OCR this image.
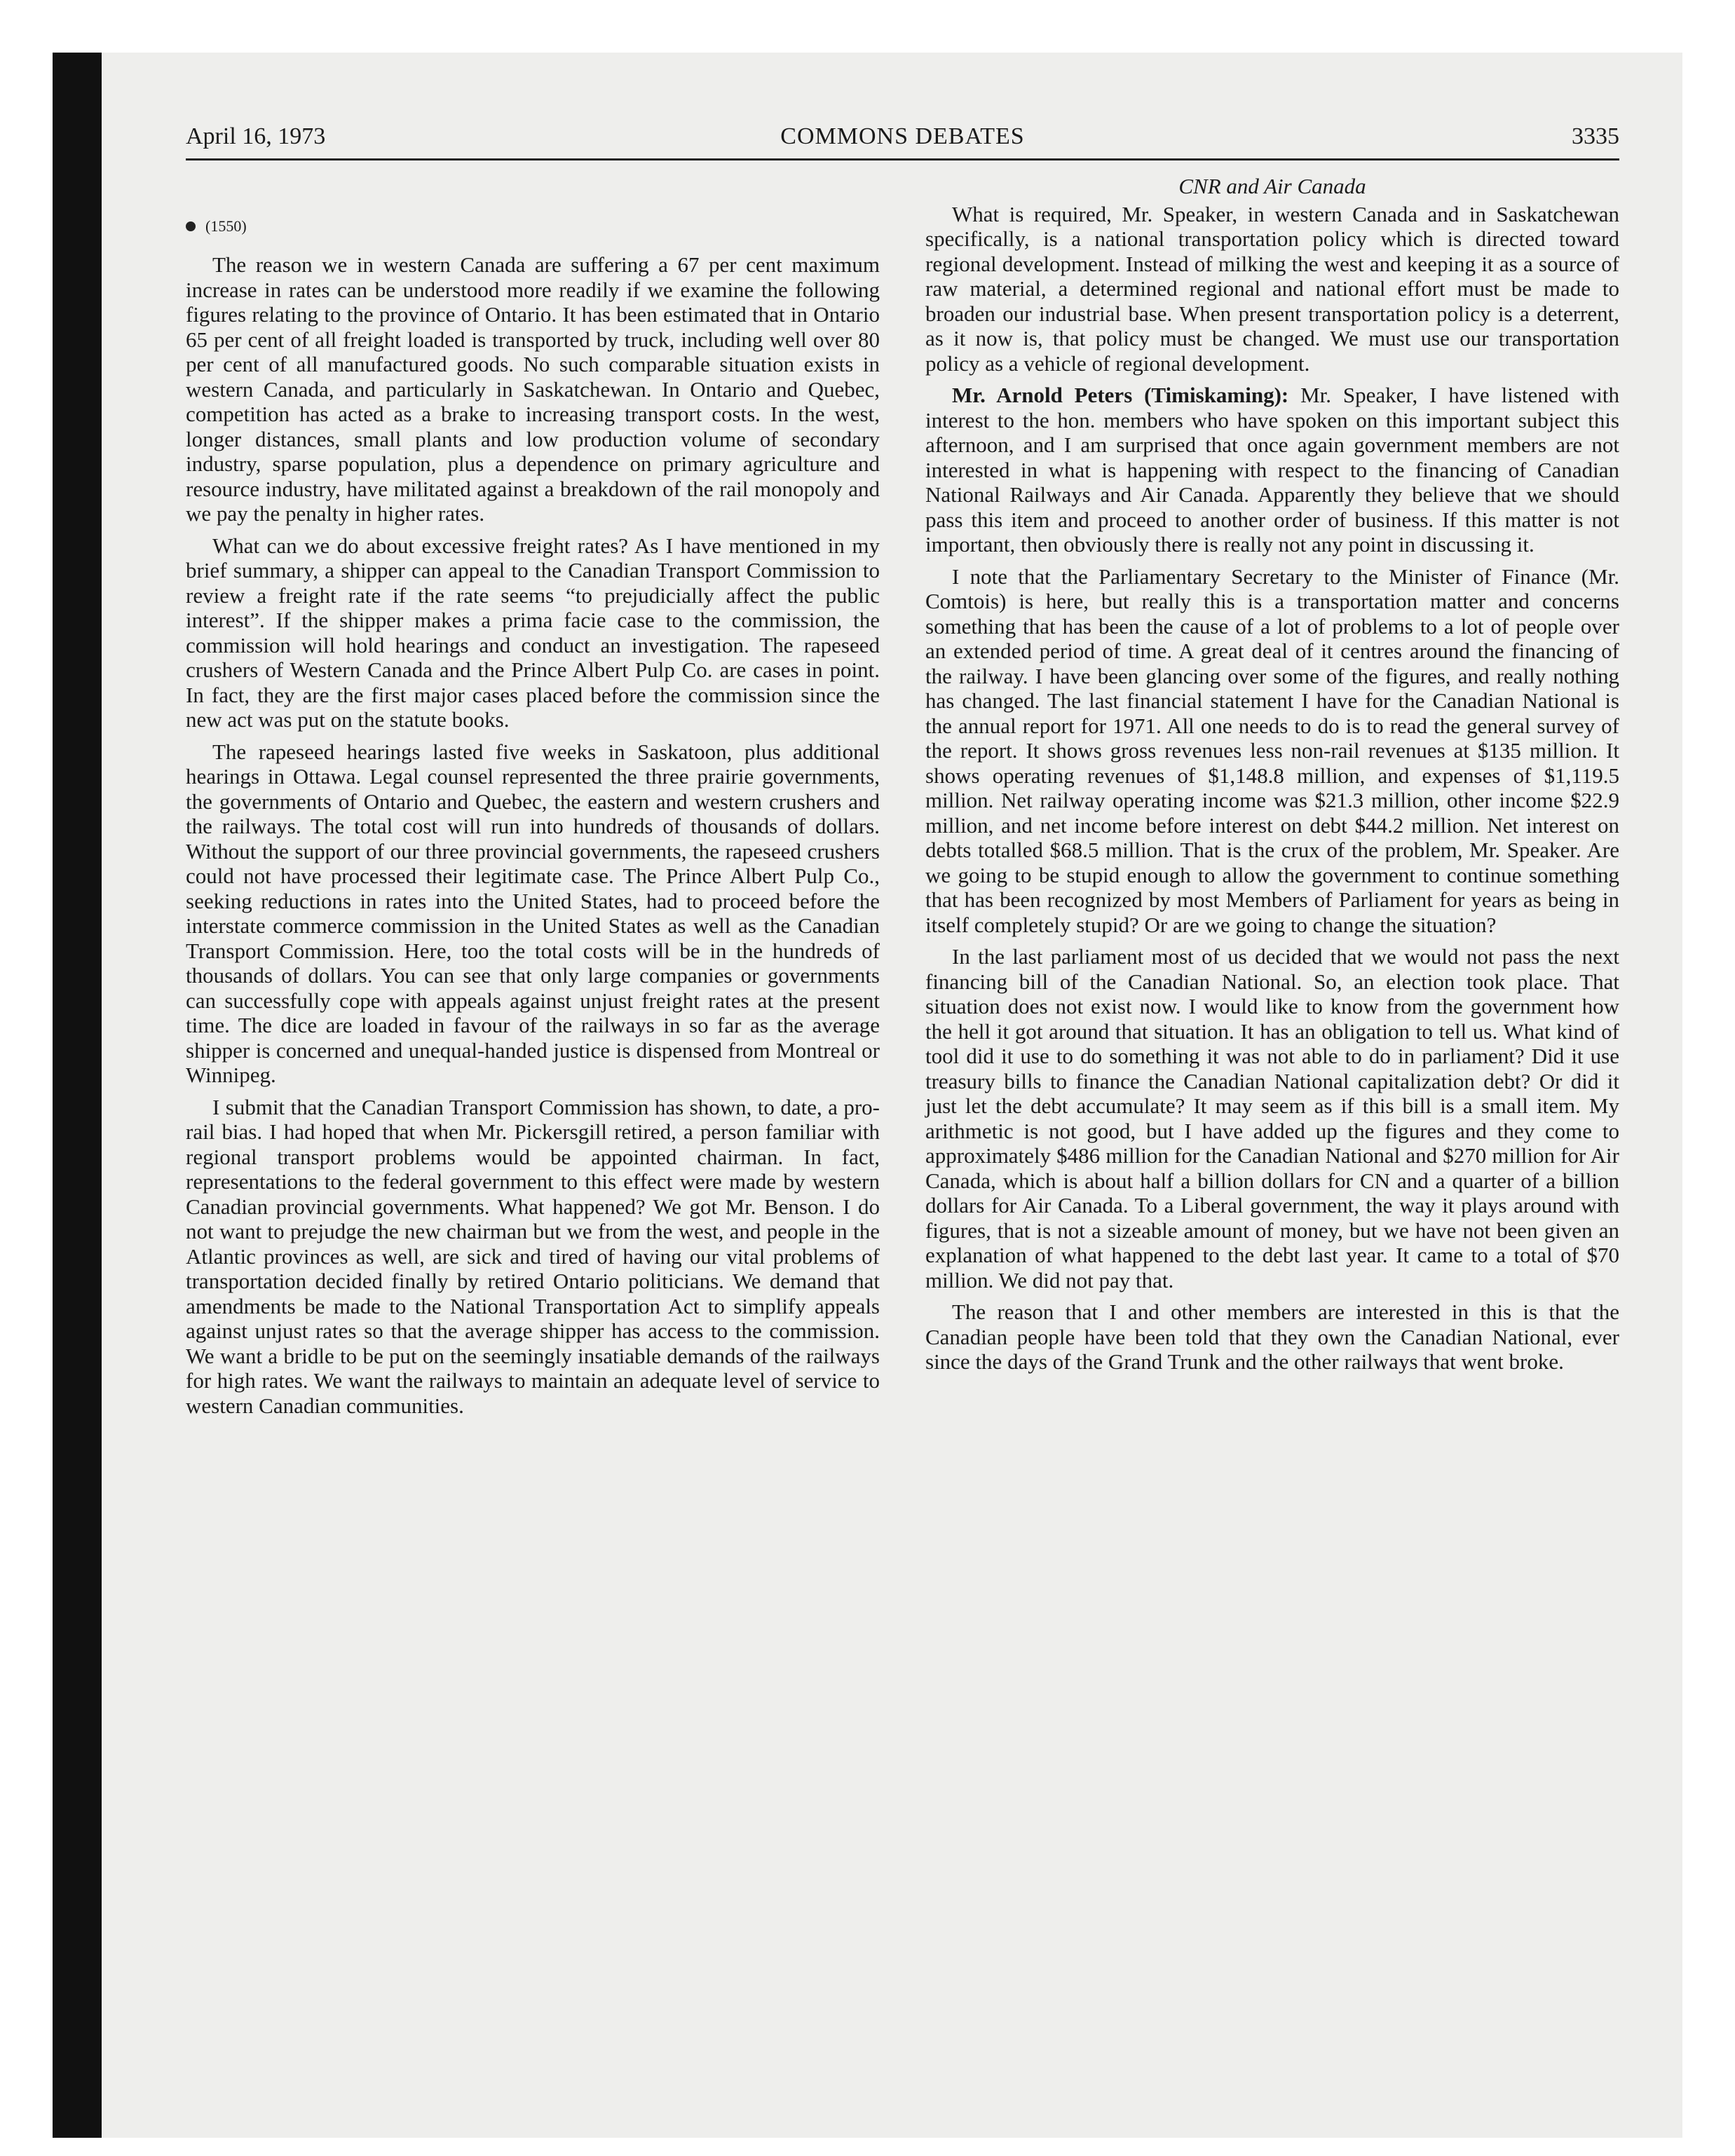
April 16, 1973	COMMONS DEBATES	3335
(1550)

The reason we in western Canada are suffering a 67 per cent maximum increase in rates can be understood more readily if we examine the following figures relating to the province of Ontario. It has been estimated that in Ontario 65 per cent of all freight loaded is transported by truck, including well over 80 per cent of all manufactured goods. No such comparable situation exists in western Canada, and particularly in Saskatchewan. In Ontario and Quebec, competition has acted as a brake to increasing transport costs. In the west, longer distances, small plants and low production volume of secondary industry, sparse population, plus a dependence on primary agriculture and resource industry, have militated against a breakdown of the rail monopoly and we pay the penalty in higher rates.

What can we do about excessive freight rates? As I have mentioned in my brief summary, a shipper can appeal to the Canadian Transport Commission to review a freight rate if the rate seems “to prejudicially affect the public interest”. If the shipper makes a prima facie case to the commission, the commission will hold hearings and conduct an investigation. The rapeseed crushers of Western Canada and the Prince Albert Pulp Co. are cases in point. In fact, they are the first major cases placed before the commission since the new act was put on the statute books.

The rapeseed hearings lasted five weeks in Saskatoon, plus additional hearings in Ottawa. Legal counsel represented the three prairie governments, the governments of Ontario and Quebec, the eastern and western crushers and the railways. The total cost will run into hundreds of thousands of dollars. Without the support of our three provincial governments, the rapeseed crushers could not have processed their legitimate case. The Prince Albert Pulp Co., seeking reductions in rates into the United States, had to proceed before the interstate commerce commission in the United States as well as the Canadian Transport Commission. Here, too the total costs will be in the hundreds of thousands of dollars. You can see that only large companies or governments can successfully cope with appeals against unjust freight rates at the present time. The dice are loaded in favour of the railways in so far as the average shipper is concerned and unequal-handed justice is dispensed from Montreal or Winnipeg.

I submit that the Canadian Transport Commission has shown, to date, a pro-rail bias. I had hoped that when Mr. Pickersgill retired, a person familiar with regional transport problems would be appointed chairman. In fact, representations to the federal government to this effect were made by western Canadian provincial governments. What happened? We got Mr. Benson. I do not want to prejudge the new chairman but we from the west, and people in the Atlantic provinces as well, are sick and tired of having our vital problems of transportation decided finally by retired Ontario politicians. We demand that amendments be made to the National Transportation Act to simplify appeals against unjust rates so that the average shipper has access to the commission. We want a bridle to be put on the seemingly insatiable demands of the railways for high rates. We want the railways to maintain an adequate level of service to western Canadian communities.

CNR and Air Canada

What is required, Mr. Speaker, in western Canada and in Saskatchewan specifically, is a national transportation policy which is directed toward regional development. Instead of milking the west and keeping it as a source of raw material, a determined regional and national effort must be made to broaden our industrial base. When present transportation policy is a deterrent, as it now is, that policy must be changed. We must use our transportation policy as a vehicle of regional development.

Mr. Arnold Peters (Timiskaming): Mr. Speaker, I have listened with interest to the hon. members who have spoken on this important subject this afternoon, and I am surprised that once again government members are not interested in what is happening with respect to the financing of Canadian National Railways and Air Canada. Apparently they believe that we should pass this item and proceed to another order of business. If this matter is not important, then obviously there is really not any point in discussing it.

I note that the Parliamentary Secretary to the Minister of Finance (Mr. Comtois) is here, but really this is a transportation matter and concerns something that has been the cause of a lot of problems to a lot of people over an extended period of time. A great deal of it centres around the financing of the railway. I have been glancing over some of the figures, and really nothing has changed. The last financial statement I have for the Canadian National is the annual report for 1971. All one needs to do is to read the general survey of the report. It shows gross revenues less non-rail revenues at $135 million. It shows operating revenues of $1,148.8 million, and expenses of $1,119.5 million. Net railway operating income was $21.3 million, other income $22.9 million, and net income before interest on debt $44.2 million. Net interest on debts totalled $68.5 million. That is the crux of the problem, Mr. Speaker. Are we going to be stupid enough to allow the government to continue something that has been recognized by most Members of Parliament for years as being in itself completely stupid? Or are we going to change the situation?

In the last parliament most of us decided that we would not pass the next financing bill of the Canadian National. So, an election took place. That situation does not exist now. I would like to know from the government how the hell it got around that situation. It has an obligation to tell us. What kind of tool did it use to do something it was not able to do in parliament? Did it use treasury bills to finance the Canadian National capitalization debt? Or did it just let the debt accumulate? It may seem as if this bill is a small item. My arithmetic is not good, but I have added up the figures and they come to approximately $486 million for the Canadian National and $270 million for Air Canada, which is about half a billion dollars for CN and a quarter of a billion dollars for Air Canada. To a Liberal government, the way it plays around with figures, that is not a sizeable amount of money, but we have not been given an explanation of what happened to the debt last year. It came to a total of $70 million. We did not pay that.

The reason that I and other members are interested in this is that the Canadian people have been told that they own the Canadian National, ever since the days of the Grand Trunk and the other railways that went broke.
